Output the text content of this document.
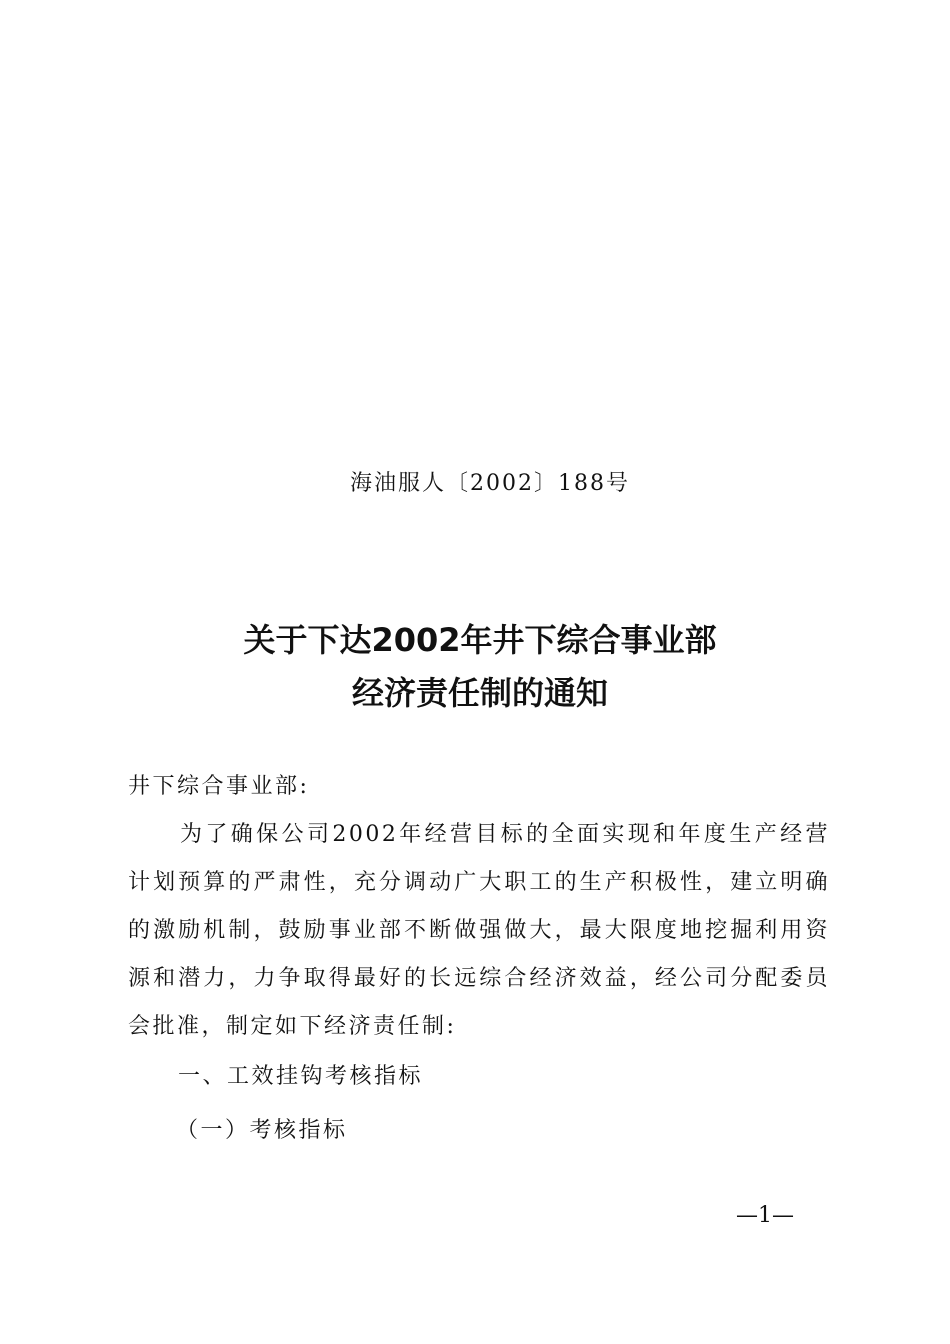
海油服人〔2002〕188号
关于下达2002年井下综合事业部
经济责任制的通知
井下综合事业部:

为了确保公司2002年经营目标的全面实现和年度生产经营计划预算的严肃性，充分调动广大职工的生产积极性，建立明确的激励机制，鼓励事业部不断做强做大，最大限度地挖掘利用资源和潜力，力争取得最好的长远综合经济效益，经公司分配委员会批准，制定如下经济责任制:

一、工效挂钩考核指标
（一）考核指标
—1—
